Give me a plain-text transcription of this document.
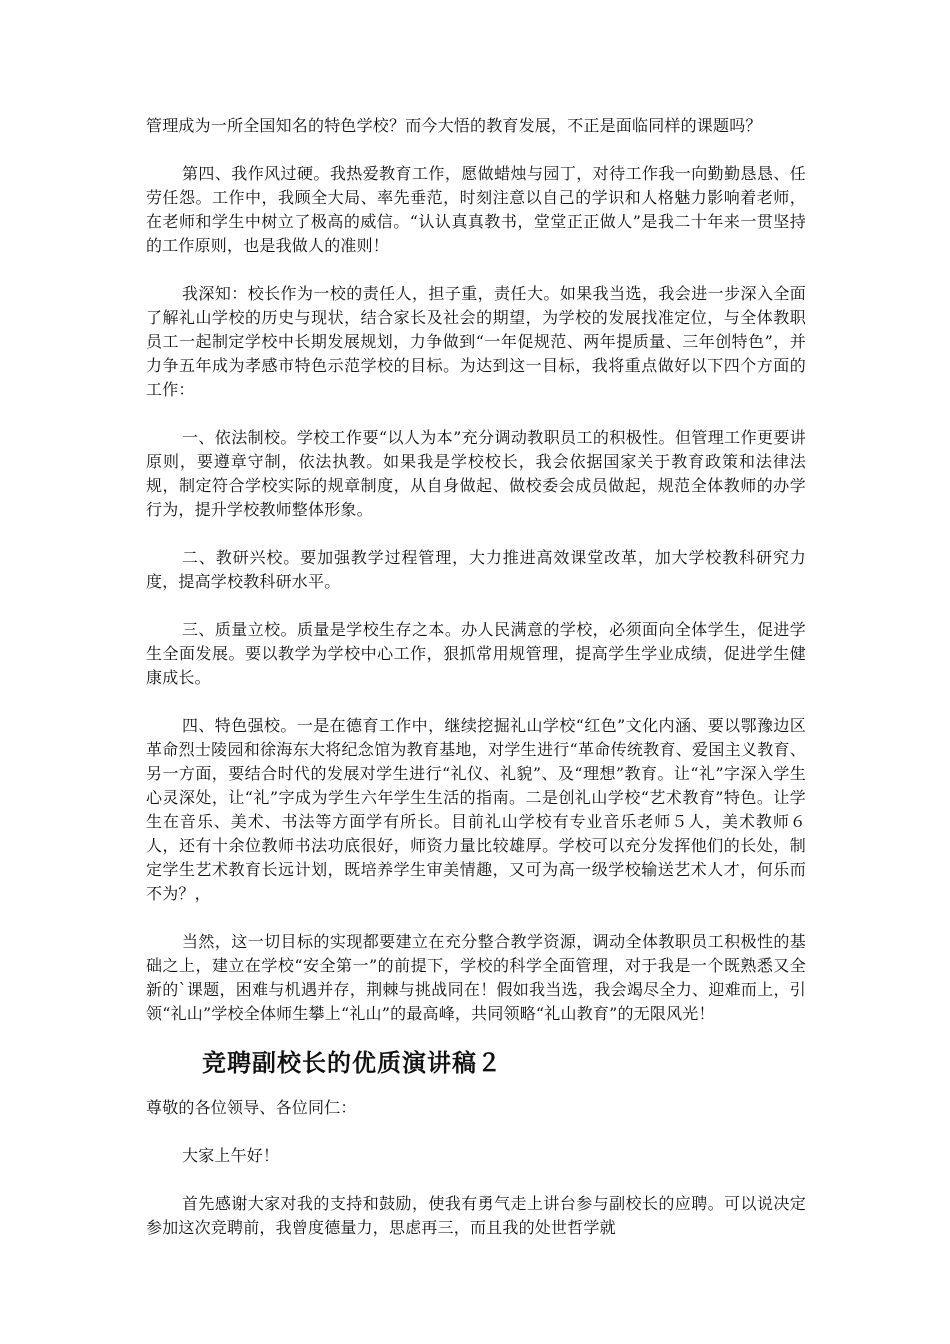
管理成为一所全国知名的特色学校？而今大悟的教育发展，不正是面临同样的课题吗？

第四、我作风过硬。我热爱教育工作，愿做蜡烛与园丁，对待工作我一向勤勤恳恳、任劳任怨。工作中，我顾全大局、率先垂范，时刻注意以自己的学识和人格魅力影响着老师，在老师和学生中树立了极高的威信。“认认真真教书，堂堂正正做人”是我二十年来一贯坚持的工作原则，也是我做人的准则！

我深知：校长作为一校的责任人，担子重，责任大。如果我当选，我会进一步深入全面了解礼山学校的历史与现状，结合家长及社会的期望，为学校的发展找准定位，与全体教职员工一起制定学校中长期发展规划，力争做到“一年促规范、两年提质量、三年创特色”，并力争五年成为孝感市特色示范学校的目标。为达到这一目标，我将重点做好以下四个方面的工作：

一、依法制校。学校工作要“以人为本”充分调动教职员工的积极性。但管理工作更要讲原则，要遵章守制，依法执教。如果我是学校校长，我会依据国家关于教育政策和法律法规，制定符合学校实际的规章制度，从自身做起、做校委会成员做起，规范全体教师的办学行为，提升学校教师整体形象。

二、教研兴校。要加强教学过程管理，大力推进高效课堂改革，加大学校教科研究力度，提高学校教科研水平。

三、质量立校。质量是学校生存之本。办人民满意的学校，必须面向全体学生，促进学生全面发展。要以教学为学校中心工作，狠抓常用规管理，提高学生学业成绩，促进学生健康成长。

四、特色强校。一是在德育工作中，继续挖掘礼山学校“红色”文化内涵、要以鄂豫边区革命烈士陵园和徐海东大将纪念馆为教育基地，对学生进行“革命传统教育、爱国主义教育、另一方面，要结合时代的发展对学生进行“礼仪、礼貌”、及“理想”教育。让“礼”字深入学生心灵深处，让“礼”字成为学生六年学生生活的指南。二是创礼山学校“艺术教育”特色。让学生在音乐、美术、书法等方面学有所长。目前礼山学校有专业音乐老师５人，美术教师６人，还有十余位教师书法功底很好，师资力量比较雄厚。学校可以充分发挥他们的长处，制定学生艺术教育长远计划，既培养学生审美情趣，又可为高一级学校输送艺术人才，何乐而不为？，

当然，这一切目标的实现都要建立在充分整合教学资源，调动全体教职员工积极性的基础之上，建立在学校“安全第一”的前提下，学校的科学全面管理，对于我是一个既熟悉又全新的`课题，困难与机遇并存，荆棘与挑战同在！假如我当选，我会竭尽全力、迎难而上，引领“礼山”学校全体师生攀上“礼山”的最高峰，共同领略“礼山教育”的无限风光！

竞聘副校长的优质演讲稿２

尊敬的各位领导、各位同仁：

大家上午好！

首先感谢大家对我的支持和鼓励，使我有勇气走上讲台参与副校长的应聘。可以说决定参加这次竞聘前，我曾度德量力，思虑再三，而且我的处世哲学就
